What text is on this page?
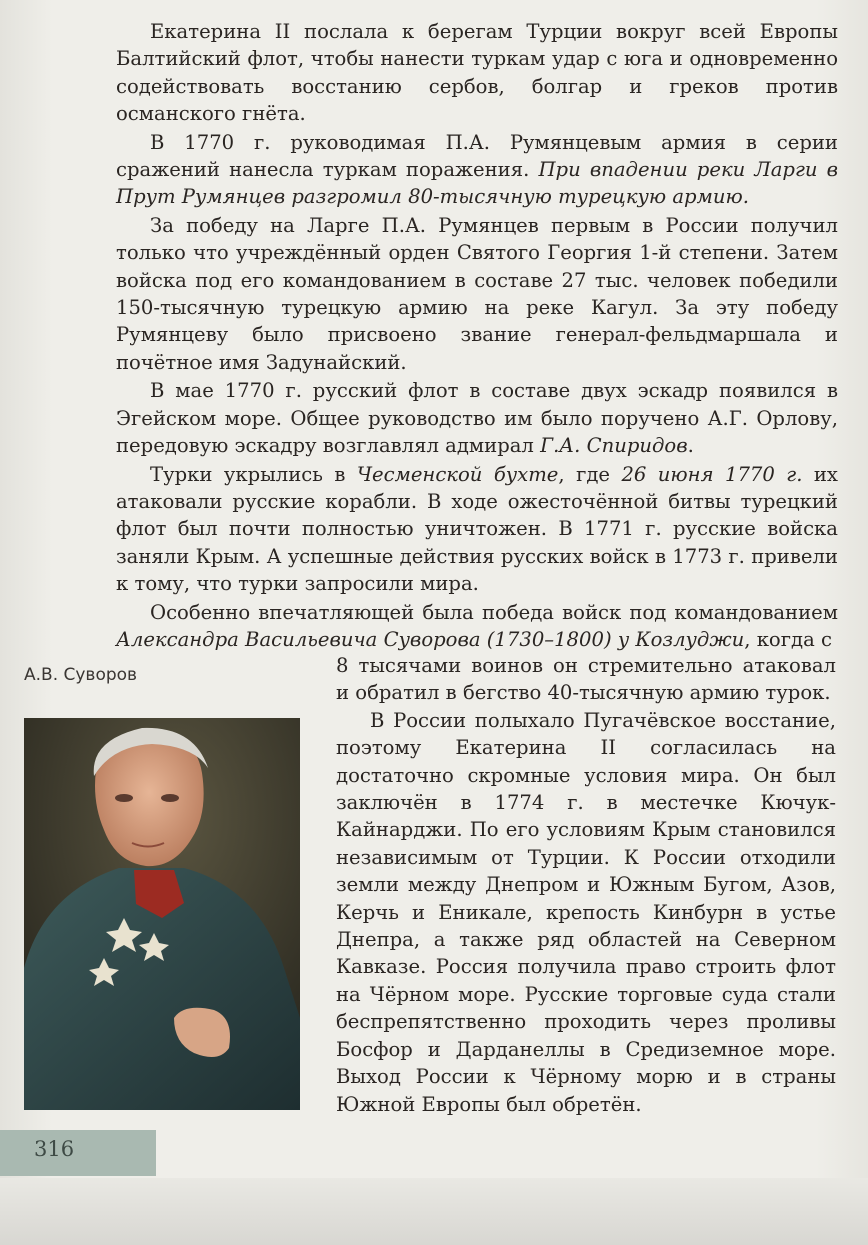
Екатерина II послала к берегам Турции вокруг всей Европы Балтийский флот, чтобы нанести туркам удар с юга и одновременно содействовать восстанию сербов, болгар и греков против османского гнёта.

В 1770 г. руководимая П.А. Румянцевым армия в серии сражений нанесла туркам поражения. При впадении реки Ларги в Прут Румянцев разгромил 80-тысячную турецкую армию.

За победу на Ларге П.А. Румянцев первым в России получил только что учреждённый орден Святого Георгия 1-й степени. Затем войска под его командованием в составе 27 тыс. человек победили 150-тысячную турецкую армию на реке Кагул. За эту победу Румянцеву было присвоено звание генерал-фельдмаршала и почётное имя Задунайский.

В мае 1770 г. русский флот в составе двух эскадр появился в Эгейском море. Общее руководство им было поручено А.Г. Орлову, передовую эскадру возглавлял адмирал Г.А. Спиридов.

Турки укрылись в Чесменской бухте, где 26 июня 1770 г. их атаковали русские корабли. В ходе ожесточённой битвы турецкий флот был почти полностью уничтожен. В 1771 г. русские войска заняли Крым. А успешные действия русских войск в 1773 г. привели к тому, что турки запросили мира.

Особенно впечатляющей была победа войск под командованием Александра Васильевича Суворова (1730–1800) у Козлуджи, когда с

А.В. Суворов	8 тысячами воинов он стремительно атаковал и обратил в бегство 40-тысячную армию турок.

В России полыхало Пугачёвское восстание, поэтому Екатерина II согласилась на достаточно скромные условия мира. Он был заключён в 1774 г. в местечке Кючук-Кайнарджи. По его условиям Крым становился независимым от Турции. К России отходили земли между Днепром и Южным Бугом, Азов, Керчь и Еникале, крепость Кинбурн в устье Днепра, а также ряд областей на Северном Кавказе. Россия получила право строить флот на Чёрном море. Русские торговые суда стали беспрепятственно проходить через проливы Босфор и Дарданеллы в Средиземное море. Выход России к Чёрному морю и в страны Южной Европы был обретён.

316
